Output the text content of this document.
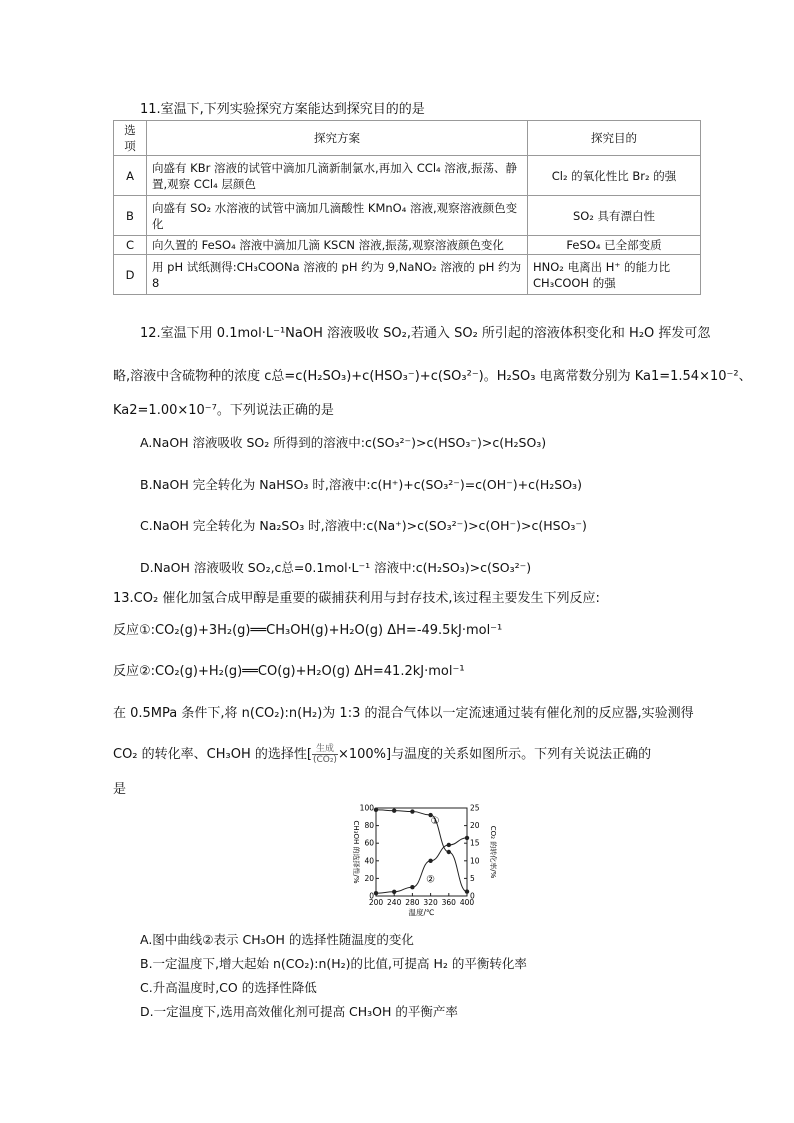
11.室温下,下列实验探究方案能达到探究目的的是
选项	探究方案	探究目的
A	向盛有 KBr 溶液的试管中滴加几滴新制氯水,再加入 CCl₄ 溶液,振荡、静置,观察 CCl₄ 层颜色	Cl₂ 的氧化性比 Br₂ 的强
B	向盛有 SO₂ 水溶液的试管中滴加几滴酸性 KMnO₄ 溶液,观察溶液颜色变化	SO₂ 具有漂白性
C	向久置的 FeSO₄ 溶液中滴加几滴 KSCN 溶液,振荡,观察溶液颜色变化	FeSO₄ 已全部变质
D	用 pH 试纸测得:CH₃COONa 溶液的 pH 约为 9,NaNO₂ 溶液的 pH 约为 8	HNO₂ 电离出 H⁺ 的能力比 CH₃COOH 的强
12.室温下用 0.1mol·L⁻¹NaOH 溶液吸收 SO₂,若通入 SO₂ 所引起的溶液体积变化和 H₂O 挥发可忽
略,溶液中含硫物种的浓度 c总=c(H₂SO₃)+c(HSO₃⁻)+c(SO₃²⁻)。H₂SO₃ 电离常数分别为 Ka1=1.54×10⁻²、
Ka2=1.00×10⁻⁷。下列说法正确的是
A.NaOH 溶液吸收 SO₂ 所得到的溶液中:c(SO₃²⁻)>c(HSO₃⁻)>c(H₂SO₃)
B.NaOH 完全转化为 NaHSO₃ 时,溶液中:c(H⁺)+c(SO₃²⁻)=c(OH⁻)+c(H₂SO₃)
C.NaOH 完全转化为 Na₂SO₃ 时,溶液中:c(Na⁺)>c(SO₃²⁻)>c(OH⁻)>c(HSO₃⁻)
D.NaOH 溶液吸收 SO₂,c总=0.1mol·L⁻¹ 溶液中:c(H₂SO₃)>c(SO₃²⁻)
13.CO₂ 催化加氢合成甲醇是重要的碳捕获利用与封存技术,该过程主要发生下列反应:
反应①:CO₂(g)+3H₂(g)══CH₃OH(g)+H₂O(g) ΔH=-49.5kJ·mol⁻¹
反应②:CO₂(g)+H₂(g)══CO(g)+H₂O(g) ΔH=41.2kJ·mol⁻¹
在 0.5MPa 条件下,将 n(CO₂):n(H₂)为 1:3 的混合气体以一定流速通过装有催化剂的反应器,实验测得
CO₂ 的转化率、CH₃OH 的选择性[ $\frac{\text{生成}}{\text{(CO₂)}} \times 100\%$]与温度的关系如图所示。下列有关说法正确的
是
200 240 280 320 360 400
0
20
40
60
80
100
0
5
10
15
20
25
温度/℃
CH₃OH 的选择性/%	CO₂ 的转化率/%
①
②
A.图中曲线②表示 CH₃OH 的选择性随温度的变化
B.一定温度下,增大起始 n(CO₂):n(H₂)的比值,可提高 H₂ 的平衡转化率
C.升高温度时,CO 的选择性降低
D.一定温度下,选用高效催化剂可提高 CH₃OH 的平衡产率
